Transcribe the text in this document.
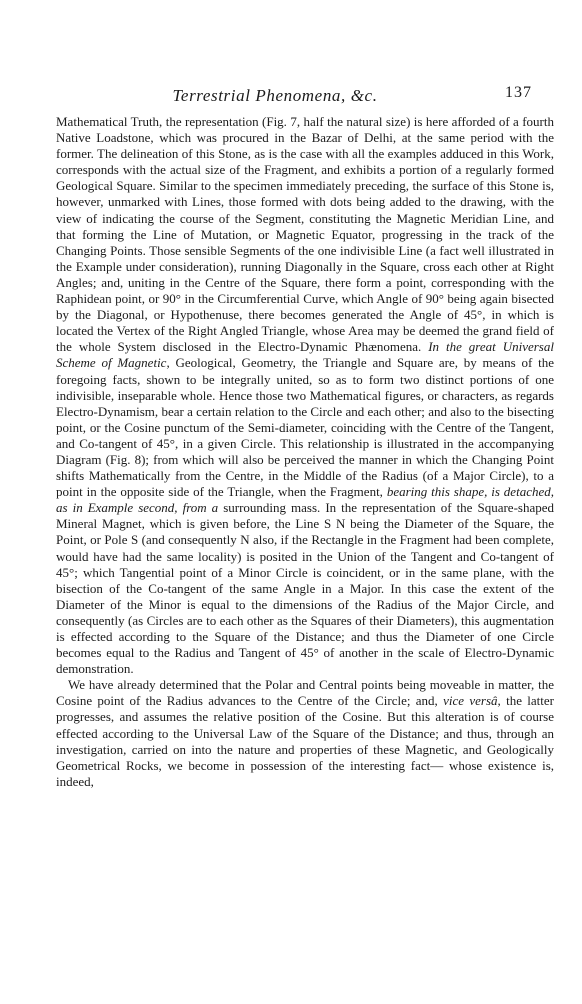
Terrestrial Phenomena, &c.	137

Mathematical Truth, the representation (Fig. 7, half the natural size) is here afforded of a fourth Native Loadstone, which was procured in the Bazar of Delhi, at the same period with the former. The delineation of this Stone, as is the case with all the examples adduced in this Work, corresponds with the actual size of the Fragment, and exhibits a portion of a regularly formed Geological Square. Similar to the specimen immediately preceding, the surface of this Stone is, however, unmarked with Lines, those formed with dots being added to the drawing, with the view of indicating the course of the Segment, constituting the Magnetic Meridian Line, and that forming the Line of Mutation, or Magnetic Equator, progressing in the track of the Changing Points. Those sensible Segments of the one indivisible Line (a fact well illustrated in the Example under consideration), running Diagonally in the Square, cross each other at Right Angles; and, uniting in the Centre of the Square, there form a point, corresponding with the Raphidean point, or 90° in the Circumferential Curve, which Angle of 90° being again bisected by the Diagonal, or Hypothenuse, there becomes generated the Angle of 45°, in which is located the Vertex of the Right Angled Triangle, whose Area may be deemed the grand field of the whole System disclosed in the Electro-Dynamic Phænomena. In the great Universal Scheme of Magnetic, Geological, Geometry, the Triangle and Square are, by means of the foregoing facts, shown to be integrally united, so as to form two distinct portions of one indivisible, inseparable whole. Hence those two Mathematical figures, or characters, as regards Electro-Dynamism, bear a certain relation to the Circle and each other; and also to the bisecting point, or the Cosine punctum of the Semi-diameter, coinciding with the Centre of the Tangent, and Co-tangent of 45°, in a given Circle. This relationship is illustrated in the accompanying Diagram (Fig. 8); from which will also be perceived the manner in which the Changing Point shifts Mathematically from the Centre, in the Middle of the Radius (of a Major Circle), to a point in the opposite side of the Triangle, when the Fragment, bearing this shape, is detached, as in Example second, from a surrounding mass. In the representation of the Square-shaped Mineral Magnet, which is given before, the Line S N being the Diameter of the Square, the Point, or Pole S (and consequently N also, if the Rectangle in the Fragment had been complete, would have had the same locality) is posited in the Union of the Tangent and Co-tangent of 45°; which Tangential point of a Minor Circle is coincident, or in the same plane, with the bisection of the Co-tangent of the same Angle in a Major. In this case the extent of the Diameter of the Minor is equal to the dimensions of the Radius of the Major Circle, and consequently (as Circles are to each other as the Squares of their Diameters), this augmentation is effected according to the Square of the Distance; and thus the Diameter of one Circle becomes equal to the Radius and Tangent of 45° of another in the scale of Electro-Dynamic demonstration.

We have already determined that the Polar and Central points being moveable in matter, the Cosine point of the Radius advances to the Centre of the Circle; and, vice versâ, the latter progresses, and assumes the relative position of the Cosine. But this alteration is of course effected according to the Universal Law of the Square of the Distance; and thus, through an investigation, carried on into the nature and properties of these Magnetic, and Geologically Geometrical Rocks, we become in possession of the interesting fact— whose existence is, indeed,
